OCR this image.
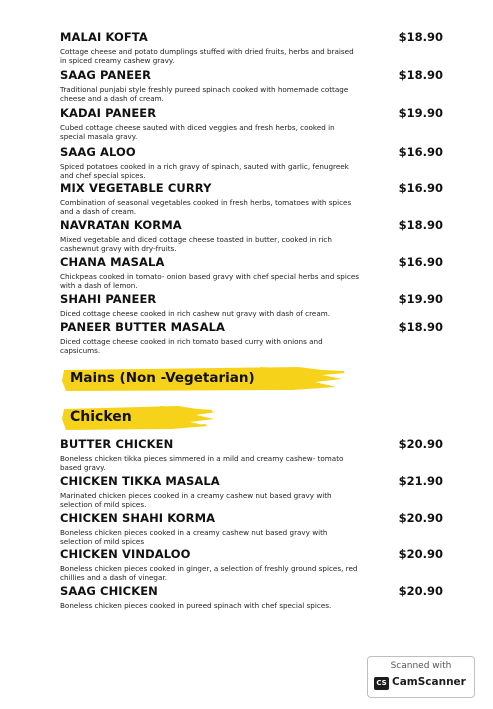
MALAI KOFTA
Cottage cheese and potato dumplings stuffed with dried fruits, herbs and braised in spiced creamy cashew gravy.
$18.90
SAAG PANEER
Traditional punjabi style freshly pureed spinach cooked with homemade cottage cheese and a dash of cream.
$18.90
KADAI PANEER
Cubed cottage cheese sauted with diced veggies and fresh herbs, cooked in special masala gravy.
$19.90
SAAG ALOO
Spiced potatoes cooked in a rich gravy of spinach, sauted with garlic, fenugreek and chef special spices.
$16.90
MIX VEGETABLE CURRY
Combination of seasonal vegetables cooked in fresh herbs, tomatoes with spices and a dash of cream.
$16.90
NAVRATAN KORMA
Mixed vegetable and diced cottage cheese toasted in butter, cooked in rich cashewnut gravy with dry-fruits.
$18.90
CHANA MASALA
Chickpeas cooked in tomato- onion based gravy with chef special herbs and spices with a dash of lemon.
$16.90
SHAHI PANEER
Diced cottage cheese cooked in rich cashew nut gravy with dash of cream.
$19.90
PANEER BUTTER MASALA
Diced cottage cheese cooked in rich tomato based curry with onions and capsicums.
$18.90
Mains (Non -Vegetarian)
Chicken
BUTTER CHICKEN
Boneless chicken tikka pieces simmered in a mild and creamy cashew- tomato based gravy.
$20.90
CHICKEN TIKKA MASALA
Marinated chicken pieces cooked in a creamy cashew nut based gravy with selection of mild spices.
$21.90
CHICKEN SHAHI KORMA
Boneless chicken pieces cooked in a creamy cashew nut based gravy with selection of mild spices
$20.90
CHICKEN VINDALOO
Boneless chicken pieces cooked in ginger, a selection of freshly ground spices, red chillies and a dash of vinegar.
$20.90
SAAG CHICKEN
Boneless chicken pieces cooked in pureed spinach with chef special spices.
$20.90
Scanned with
CS CamScanner
